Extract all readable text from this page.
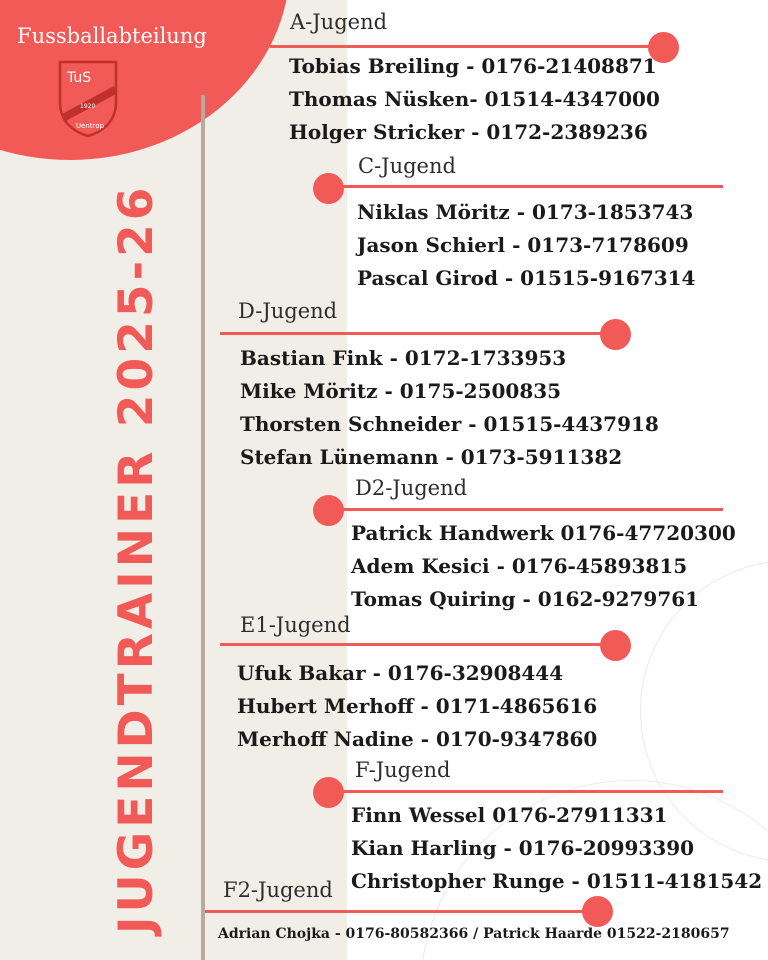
Fussballabteilung
TuS
1920
Uentrop
JUGENDTRAINER 2025-26
A-Jugend
Tobias Breiling - 0176-21408871
Thomas Nüsken- 01514-4347000
Holger Stricker - 0172-2389236
C-Jugend
Niklas Möritz - 0173-1853743
Jason Schierl - 0173-7178609
Pascal Girod - 01515-9167314
D-Jugend
Bastian Fink - 0172-1733953
Mike Möritz - 0175-2500835
Thorsten Schneider - 01515-4437918
Stefan Lünemann - 0173-5911382
D2-Jugend
Patrick Handwerk 0176-47720300
Adem Kesici - 0176-45893815
Tomas Quiring - 0162-9279761
E1-Jugend
Ufuk Bakar - 0176-32908444
Hubert Merhoff - 0171-4865616
Merhoff Nadine - 0170-9347860
F-Jugend
Finn Wessel 0176-27911331
Kian Harling - 0176-20993390
Christopher Runge - 01511-4181542
F2-Jugend
Adrian Chojka - 0176-80582366 / Patrick Haarde 01522-2180657
